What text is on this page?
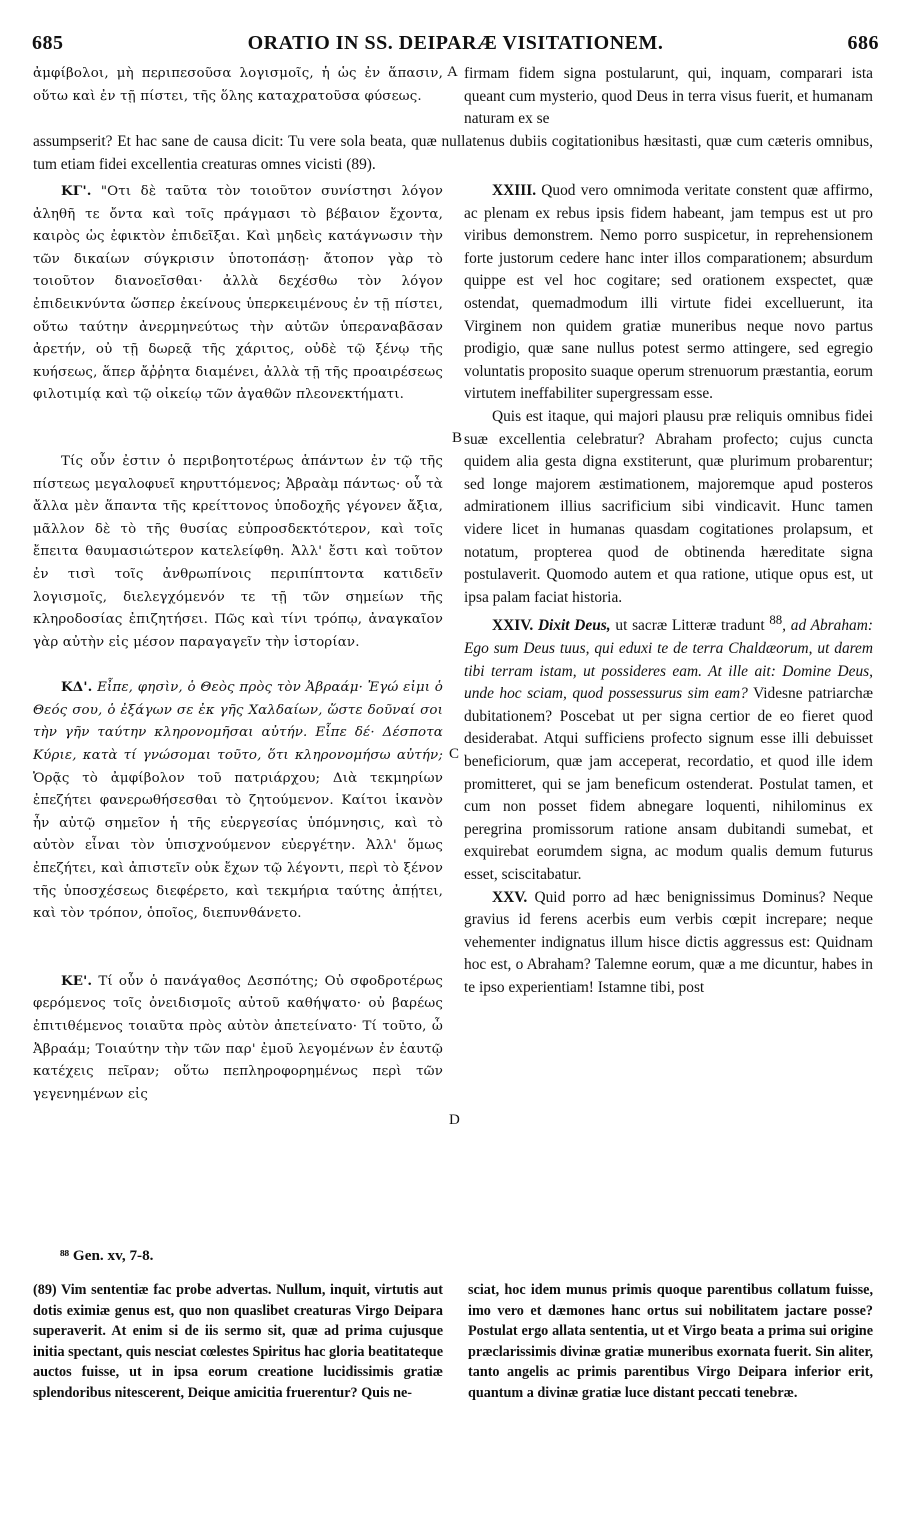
685	ORATIO IN SS. DEIPARÆ VISITATIONEM.	686

ἀμφίβολοι, μὴ περιπεσοῦσα λογισμοῖς, ἡ ὡς ἐν ἅπασιν, οὕτω καὶ ἐν τῇ πίστει, τῆς ὅλης καταχρατοῦσα φύσεως.

A firmam fidem signa postularunt, qui, inquam, comparari ista queant cum mysterio, quod Deus in terra visus fuerit, et humanam naturam ex se

assumpserit? Et hac sane de causa dicit: Tu vere sola beata, quæ nullatenus dubiis cogitationibus hæsitasti, quæ cum cæteris omnibus, tum etiam fidei excellentia creaturas omnes vicisti (89).

ΚΓ'. "Οτι δὲ ταῦτα τὸν τοιοῦτον συνίστησι λόγον ἀληθῆ τε ὄντα καὶ τοῖς πράγμασι τὸ βέβαιον ἔχοντα, καιρὸς ὡς ἐφικτὸν ἐπιδεῖξαι. Καὶ μηδεὶς κατάγνωσιν τὴν τῶν δικαίων σύγκρισιν ὑποτοπάσῃ· ἄτοπον γὰρ τὸ τοιοῦτον διανοεῖσθαι· ἀλλὰ δεχέσθω τὸν λόγον ἐπιδεικνύντα ὥσπερ ἐκείνους ὑπερκειμένους ἐν τῇ πίστει, οὕτω ταύτην ἀνερμηνεύτως τὴν αὐτῶν ὑπεραναβᾶσαν ἀρετήν, οὐ τῇ δωρεᾷ τῆς χάριτος, οὐδὲ τῷ ξένῳ τῆς κυήσεως, ἅπερ ἄῤῥητα διαμένει, ἀλλὰ τῇ τῆς προαιρέσεως φιλοτιμίᾳ καὶ τῷ οἰκείῳ τῶν ἀγαθῶν πλεονεκτήματι.

Τίς οὖν ἐστιν ὁ περιβοητοτέρως ἁπάντων ἐν τῷ τῆς πίστεως μεγαλοφυεῖ κηρυττόμενος; Ἀβραὰμ πάντως· οὗ τὰ ἄλλα μὲν ἅπαντα τῆς κρείττονος ὑποδοχῆς γέγονεν ἄξια, μᾶλλον δὲ τὸ τῆς θυσίας εὐπροσδεκτότερον, καὶ τοῖς ἔπειτα θαυμασιώτερον κατελείφθη. Ἀλλ' ἔστι καὶ τοῦτον ἐν τισὶ τοῖς ἀνθρωπίνοις περιπίπτοντα κατιδεῖν λογισμοῖς, διελεγχόμενόν τε τῇ τῶν σημείων τῆς κληροδοσίας ἐπιζητήσει. Πῶς καὶ τίνι τρόπῳ, ἀναγκαῖον γὰρ αὐτὴν εἰς μέσον παραγαγεῖν τὴν ἱστορίαν.

ΚΔ'. Εἶπε, φησὶν, ὁ Θεὸς πρὸς τὸν Ἀβραάμ· Ἐγώ εἰμι ὁ Θεός σου, ὁ ἐξάγων σε ἐκ γῆς Χαλδαίων, ὥστε δοῦναί σοι τὴν γῆν ταύτην κληρονομῆσαι αὐτήν. Εἶπε δέ· Δέσποτα Κύριε, κατὰ τί γνώσομαι τοῦτο, ὅτι κληρονομήσω αὐτήν; Ὁρᾷς τὸ ἀμφίβολον τοῦ πατριάρχου; Διὰ τεκμηρίων ἐπεζήτει φανερωθήσεσθαι τὸ ζητούμενον. Καίτοι ἱκανὸν ἦν αὐτῷ σημεῖον ἡ τῆς εὐεργεσίας ὑπόμνησις, καὶ τὸ αὐτὸν εἶναι τὸν ὑπισχνούμενον εὐεργέτην. Ἀλλ' ὅμως ἐπεζήτει, καὶ ἀπιστεῖν οὐκ ἔχων τῷ λέγοντι, περὶ τὸ ξένον τῆς ὑποσχέσεως διεφέρετο, καὶ τεκμήρια ταύτης ἀπῄτει, καὶ τὸν τρόπον, ὁποῖος, διεπυνθάνετο.

ΚΕ'. Τί οὖν ὁ πανάγαθος Δεσπότης; Οὐ σφοδροτέρως φερόμενος τοῖς ὀνειδισμοῖς αὐτοῦ καθήψατο· οὐ βαρέως ἐπιτιθέμενος τοιαῦτα πρὸς αὐτὸν ἀπετείνατο· Τί τοῦτο, ὦ Ἀβραάμ; Τοιαύτην τὴν τῶν παρ' ἐμοῦ λεγομένων ἐν ἑαυτῷ κατέχεις πεῖραν; οὕτω πεπληροφορημένως περὶ τῶν γεγενημένων εἰς

B
C
D

XXIII. Quod vero omnimoda veritate constent quæ affirmo, ac plenam ex rebus ipsis fidem habeant, jam tempus est ut pro viribus demonstrem. Nemo porro suspicetur, in reprehensionem forte justorum cedere hanc inter illos comparationem; absurdum quippe est vel hoc cogitare; sed orationem exspectet, quæ ostendat, quemadmodum illi virtute fidei excelluerunt, ita Virginem non quidem gratiæ muneribus neque novo partus prodigio, quæ sane nullus potest sermo attingere, sed egregio voluntatis proposito suaque operum strenuorum præstantia, eorum virtutem ineffabiliter supergressam esse.

Quis est itaque, qui majori plausu præ reliquis omnibus fidei suæ excellentia celebratur? Abraham profecto; cujus cuncta quidem alia gesta digna exstiterunt, quæ plurimum probarentur; sed longe majorem æstimationem, majoremque apud posteros admirationem illius sacrificium sibi vindicavit. Hunc tamen videre licet in humanas quasdam cogitationes prolapsum, et notatum, propterea quod de obtinenda hæreditate signa postulaverit. Quomodo autem et qua ratione, utique opus est, ut ipsa palam faciat historia.

XXIV. Dixit Deus, ut sacræ Litteræ tradunt $^{88}$, ad Abraham: Ego sum Deus tuus, qui eduxi te de terra Chaldæorum, ut darem tibi terram istam, ut possideres eam. At ille ait: Domine Deus, unde hoc sciam, quod possessurus sim eam? Videsne patriarchæ dubitationem? Poscebat ut per signa certior de eo fieret quod desiderabat. Atqui sufficiens profecto signum esse illi debuisset beneficiorum, quæ jam acceperat, recordatio, et quod ille idem promitteret, qui se jam beneficum ostenderat. Postulat tamen, et cum non posset fidem abnegare loquenti, nihilominus ex peregrina promissorum ratione ansam dubitandi sumebat, et exquirebat eorumdem signa, ac modum qualis demum futurus esset, sciscitabatur.

XXV. Quid porro ad hæc benignissimus Dominus? Neque gravius id ferens acerbis eum verbis cœpit increpare; neque vehementer indignatus illum hisce dictis aggressus est: Quidnam hoc est, o Abraham? Talemne eorum, quæ a me dicuntur, habes in te ipso experientiam! Istamne tibi, post

⁸⁸ Gen. xv, 7-8.

(89) Vim sententiæ fac probe advertas. Nullum, inquit, virtutis aut dotis eximiæ genus est, quo non quaslibet creaturas Virgo Deipara superaverit. At enim si de iis sermo sit, quæ ad prima cujusque initia spectant, quis nesciat cœlestes Spiritus hac gloria beatitateque auctos fuisse, ut in ipsa eorum creatione lucidissimis gratiæ splendoribus nitescerent, Deique amicitia fruerentur? Quis ne-

sciat, hoc idem munus primis quoque parentibus collatum fuisse, imo vero et dæmones hanc ortus sui nobilitatem jactare posse? Postulat ergo allata sententia, ut et Virgo beata a prima sui origine præclarissimis divinæ gratiæ muneribus exornata fuerit. Sin aliter, tanto angelis ac primis parentibus Virgo Deipara inferior erit, quantum a divinæ gratiæ luce distant peccati tenebræ.
